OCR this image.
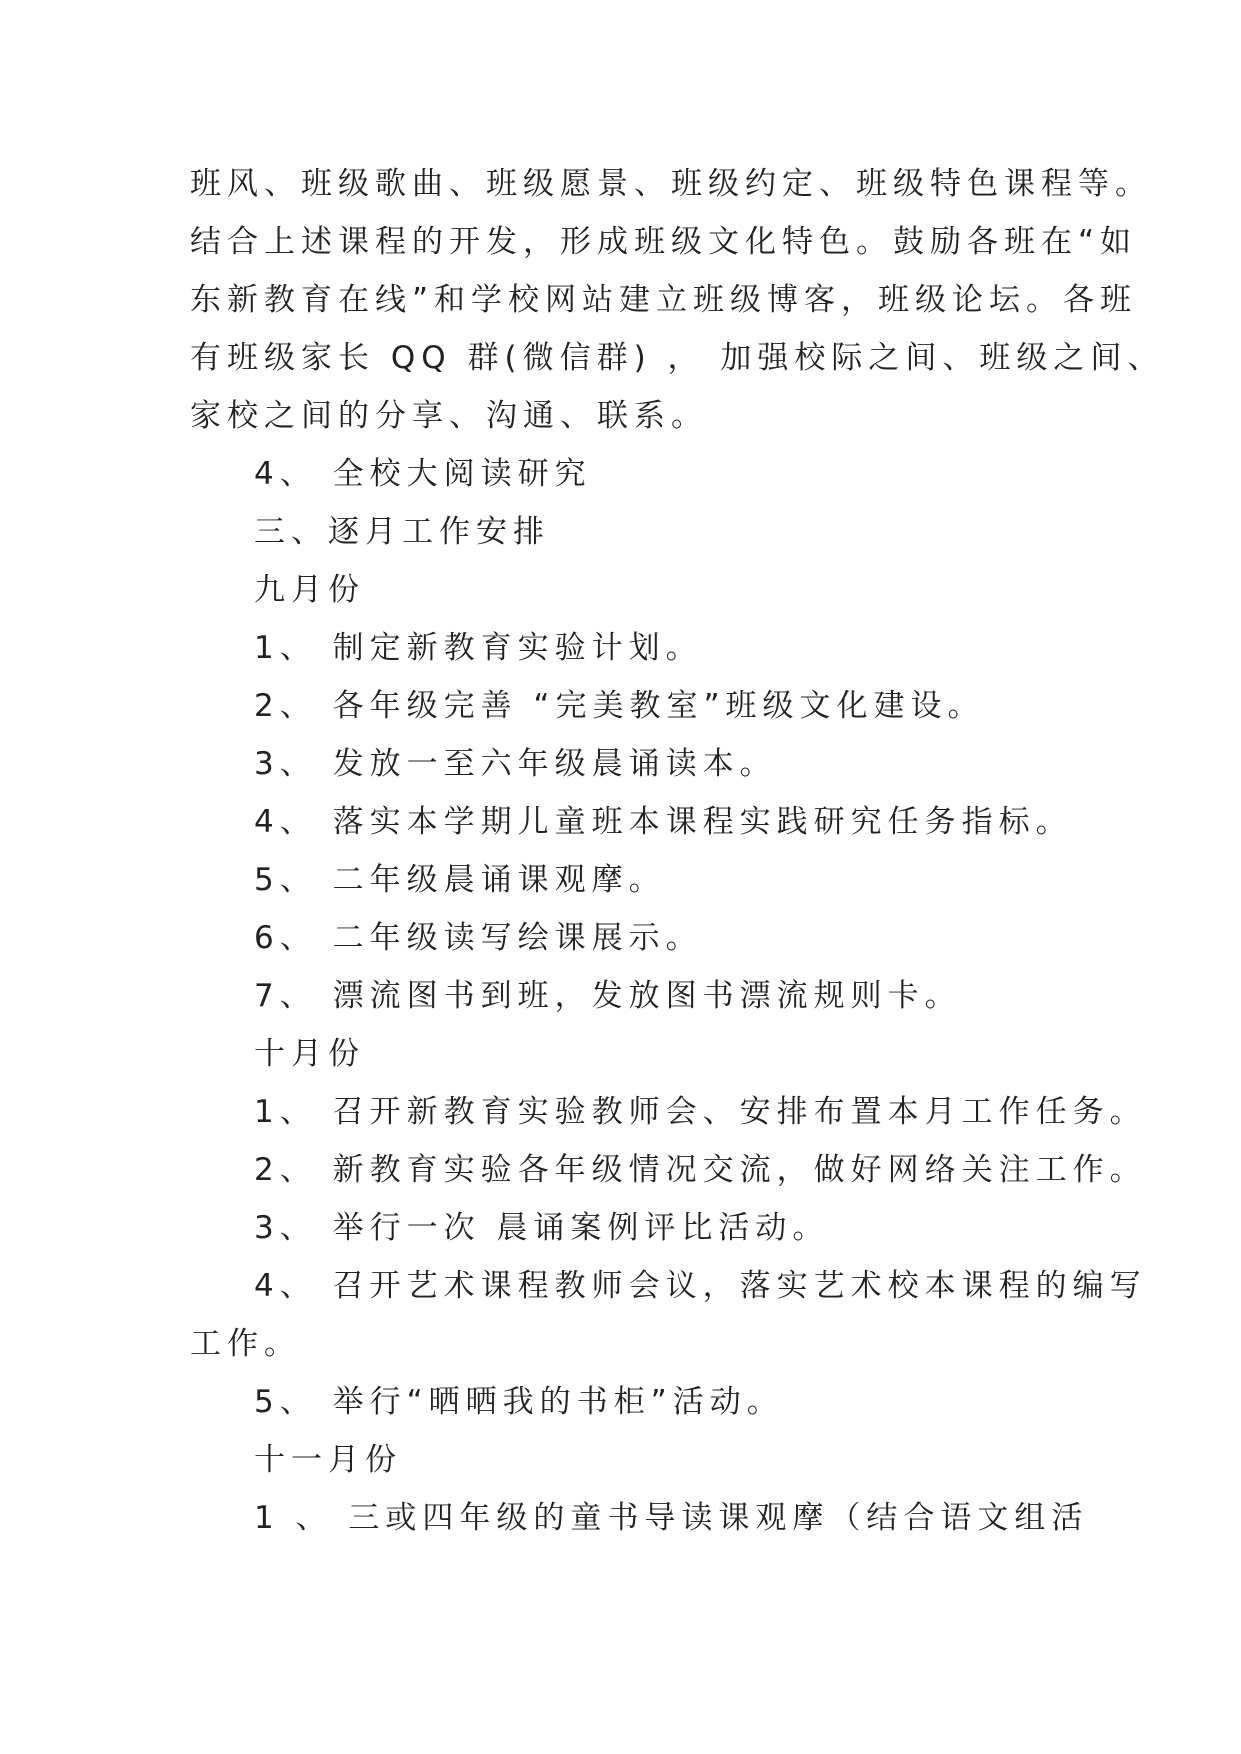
班风、班级歌曲、班级愿景、班级约定、班级特色课程等。
结合上述课程的开发，形成班级文化特色。鼓励各班在“如
东新教育在线”和学校网站建立班级博客，班级论坛。各班
有班级家长 QQ 群(微信群) ， 加强校际之间、班级之间、
家校之间的分享、沟通、联系。
4、 全校大阅读研究
三、逐月工作安排
九月份
1、 制定新教育实验计划。
2、 各年级完善 “完美教室”班级文化建设。
3、 发放一至六年级晨诵读本。
4、 落实本学期儿童班本课程实践研究任务指标。
5、 二年级晨诵课观摩。
6、 二年级读写绘课展示。
7、 漂流图书到班，发放图书漂流规则卡。
十月份
1、 召开新教育实验教师会、安排布置本月工作任务。
2、 新教育实验各年级情况交流，做好网络关注工作。
3、 举行一次 晨诵案例评比活动。
4、 召开艺术课程教师会议，落实艺术校本课程的编写
工作。
5、 举行“晒晒我的书柜”活动。
十一月份
1 、 三或四年级的童书导读课观摩（结合语文组活
